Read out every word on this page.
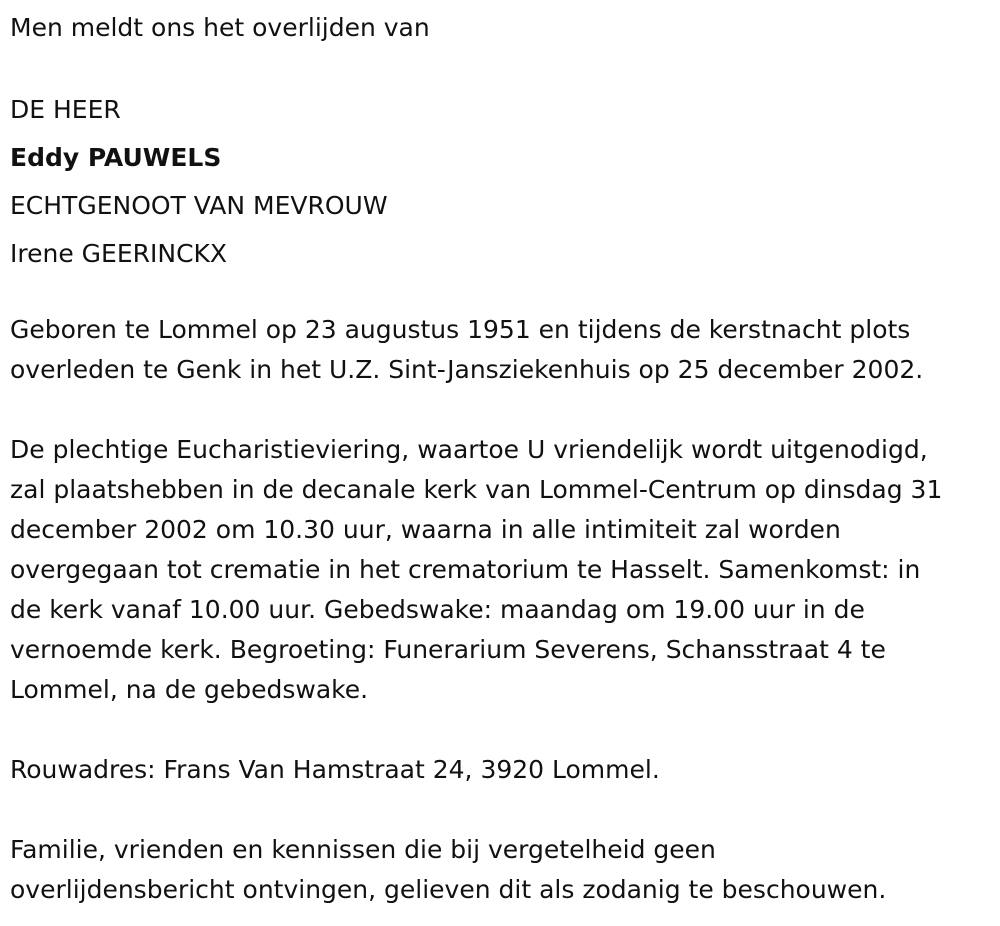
Men meldt ons het overlijden van

DE HEER

Eddy PAUWELS

ECHTGENOOT VAN MEVROUW

Irene GEERINCKX

Geboren te Lommel op 23 augustus 1951 en tijdens de kerstnacht plots

overleden te Genk in het U.Z. Sint-Jansziekenhuis op 25 december 2002.

De plechtige Eucharistieviering, waartoe U vriendelijk wordt uitgenodigd,

zal plaatshebben in de decanale kerk van Lommel-Centrum op dinsdag 31

december 2002 om 10.30 uur, waarna in alle intimiteit zal worden

overgegaan tot crematie in het crematorium te Hasselt. Samenkomst: in

de kerk vanaf 10.00 uur. Gebedswake: maandag om 19.00 uur in de

vernoemde kerk. Begroeting: Funerarium Severens, Schansstraat 4 te

Lommel, na de gebedswake.

Rouwadres: Frans Van Hamstraat 24, 3920 Lommel.

Familie, vrienden en kennissen die bij vergetelheid geen

overlijdensbericht ontvingen, gelieven dit als zodanig te beschouwen.
